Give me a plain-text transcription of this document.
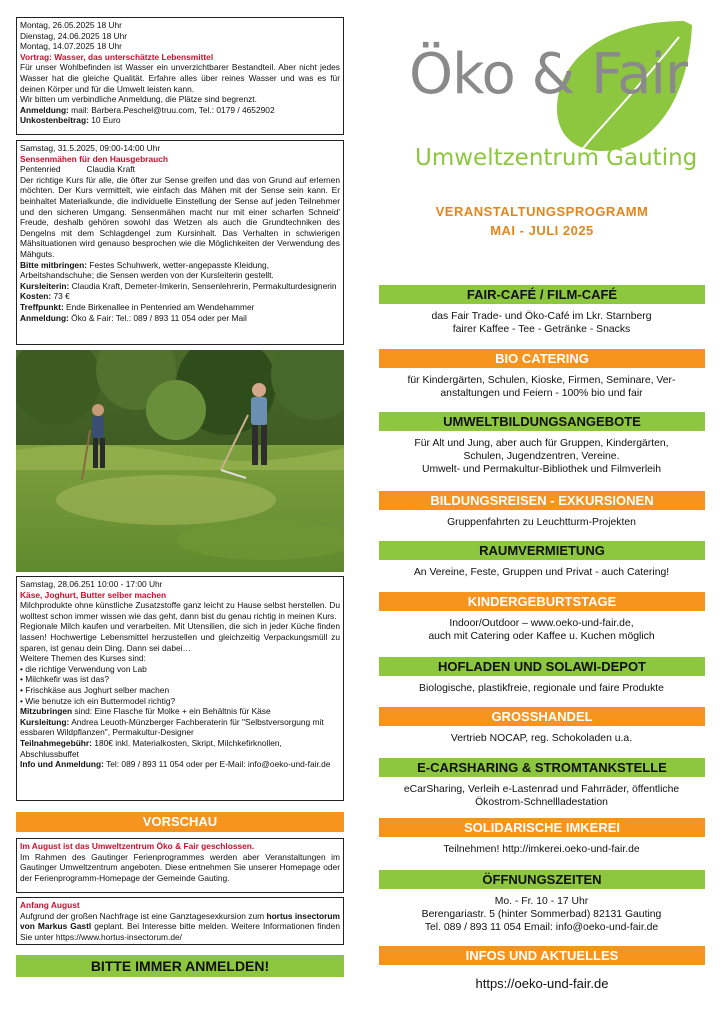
Montag, 26.05.2025 18 Uhr

Dienstag, 24.06.2025 18 Uhr

Montag, 14.07.2025 18 Uhr

Vortrag: Wasser, das unterschätzte Lebensmittel

Für unser Wohlbefinden ist Wasser ein unverzichtbarer Bestandteil. Aber nicht jedes Wasser hat die gleiche Qualität. Erfahre alles über reines Wasser und was es für deinen Körper und für die Umwelt leisten kann.

Wir bitten um verbindliche Anmeldung, die Plätze sind begrenzt.

Anmeldung: mail: Barbera.Peschel@truu.com, Tel.: 0179 / 4652902

Unkostenbeitrag: 10 Euro

Samstag, 31.5.2025, 09:00-14:00 Uhr

Sensenmähen für den Hausgebrauch

Pentenried	Claudia Kraft

Der richtige Kurs für alle, die öfter zur Sense greifen und das von Grund auf erlernen möchten. Der Kurs vermittelt, wie einfach das Mähen mit der Sense sein kann. Er beinhaltet Materialkunde, die individuelle Einstellung der Sense auf jeden Teilnehmer und den sicheren Umgang. Sensenmähen macht nur mit einer scharfen Schneid' Freude, deshalb gehören sowohl das Wetzen als auch die Grundtechniken des Dengelns mit dem Schlagdengel zum Kursinhalt. Das Verhalten in schwierigen Mähsituationen wird genauso besprochen wie die Möglichkeiten der Verwendung des Mähguts.

Bitte mitbringen: Festes Schuhwerk, wetter-angepasste Kleidung, Arbeitshandschuhe; die Sensen werden von der Kursleiterin gestellt.

Kursleiterin: Claudia Kraft, Demeter-Imkerin, Sensenlehrerin, Permakulturdesignerin

Kosten: 73 €

Treffpunkt: Ende Birkenallee in Pentenried am Wendehammer

Anmeldung: Öko & Fair: Tel.: 089 / 893 11 054 oder per Mail

Samstag, 28.06.251 10:00 - 17:00 Uhr

Käse, Joghurt, Butter selber machen

Milchprodukte ohne künstliche Zusatzstoffe ganz leicht zu Hause selbst herstellen. Du wolltest schon immer wissen wie das geht, dann bist du genau richtig in meinen Kurs.

Regionale Milch kaufen und verarbeiten. Mit Utensilien, die sich in jeder Küche finden lassen! Hochwertige Lebensmittel herzustellen und gleichzeitig Verpackungsmüll zu sparen, ist genau dein Ding. Dann sei dabei…

Weitere Themen des Kurses sind:

• die richtige Verwendung von Lab

• Milchkefir was ist das?

• Frischkäse aus Joghurt selber machen

• Wie benutze ich ein Buttermodel richtig?

Mitzubringen sind: Eine Flasche für Molke + ein Behältnis für Käse

Kursleitung: Andrea Leuoth-Münzberger Fachberaterin für "Selbstversorgung mit essbaren Wildpflanzen", Permakultur-Designer

Teilnahmegebühr: 180€ inkl. Materialkosten, Skript, Milchkefirknollen, Abschlussbuffet

Info und Anmeldung: Tel: 089 / 893 11 054 oder per E-Mail: info@oeko-und-fair.de

VORSCHAU

Im August ist das Umweltzentrum Öko & Fair geschlossen.

Im Rahmen des Gautinger Ferienprogrammes werden aber Veranstaltungen im Gautinger Umweltzentrum angeboten. Diese entnehmen Sie unserer Homepage oder der Ferienprogramm-Homepage der Gemeinde Gauting.

Anfang August

Aufgrund der großen Nachfrage ist eine Ganztagesexkursion zum hortus insectorum von Markus Gastl geplant. Bei Interesse bitte melden. Weitere Informationen finden Sie unter https://www.hortus-insectorum.de/

BITTE IMMER ANMELDEN!
Öko & Fair
Umweltzentrum Gauting
VERANSTALTUNGSPROGRAMM
MAI - JULI 2025
FAIR-CAFÉ / FILM-CAFÉ
das Fair Trade- und Öko-Café im Lkr. Starnberg
fairer Kaffee - Tee - Getränke - Snacks
BIO CATERING
für Kindergärten, Schulen, Kioske, Firmen, Seminare, Ver-
anstaltungen und Feiern - 100% bio und fair
UMWELTBILDUNGSANGEBOTE
Für Alt und Jung, aber auch für Gruppen, Kindergärten,
Schulen, Jugendzentren, Vereine.
Umwelt- und Permakultur-Bibliothek und Filmverleih
BILDUNGSREISEN - EXKURSIONEN
Gruppenfahrten zu Leuchtturm-Projekten
RAUMVERMIETUNG
An Vereine, Feste, Gruppen und Privat - auch Catering!
KINDERGEBURTSTAGE
Indoor/Outdoor – www.oeko-und-fair.de,
auch mit Catering oder Kaffee u. Kuchen möglich
HOFLADEN UND SOLAWI-DEPOT
Biologische, plastikfreie, regionale und faire Produkte
GROSSHANDEL
Vertrieb NOCAP, reg. Schokoladen u.a.
E-CARSHARING & STROMTANKSTELLE
eCarSharing, Verleih e-Lastenrad und Fahrräder, öffentliche
Ökostrom-Schnellladestation
SOLIDARISCHE IMKEREI
Teilnehmen! http://imkerei.oeko-und-fair.de
ÖFFNUNGSZEITEN
Mo. - Fr. 10 - 17 Uhr
Berengariastr. 5 (hinter Sommerbad) 82131 Gauting
Tel. 089 / 893 11 054 Email: info@oeko-und-fair.de
INFOS UND AKTUELLES
https://oeko-und-fair.de
